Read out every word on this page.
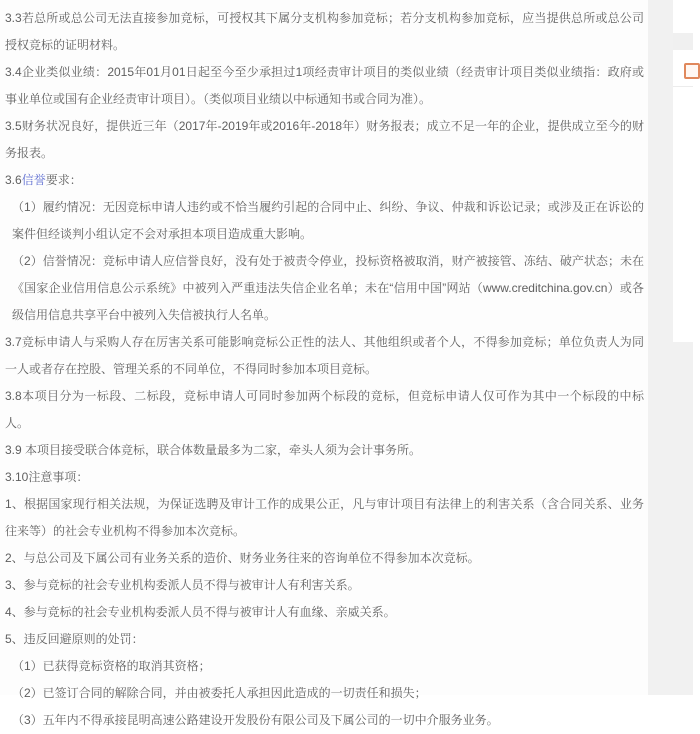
3.3若总所或总公司无法直接参加竞标，可授权其下属分支机构参加竞标；若分支机构参加竞标，应当提供总所或总公司授权竞标的证明材料。

3.4企业类似业绩：2015年01月01日起至今至少承担过1项经责审计项目的类似业绩（经责审计项目类似业绩指：政府或事业单位或国有企业经责审计项目）。（类似项目业绩以中标通知书或合同为准）。

3.5财务状况良好，提供近三年（2017年-2019年或2016年-2018年）财务报表；成立不足一年的企业，提供成立至今的财务报表。

3.6信誉要求：

（1）履约情况：无因竞标申请人违约或不恰当履约引起的合同中止、纠纷、争议、仲裁和诉讼记录；或涉及正在诉讼的案件但经谈判小组认定不会对承担本项目造成重大影响。

（2）信誉情况：竞标申请人应信誉良好，没有处于被责令停业，投标资格被取消，财产被接管、冻结、破产状态；未在《国家企业信用信息公示系统》中被列入严重违法失信企业名单；未在“信用中国”网站（www.creditchina.gov.cn）或各级信用信息共享平台中被列入失信被执行人名单。

3.7竞标申请人与采购人存在厉害关系可能影响竞标公正性的法人、其他组织或者个人，不得参加竞标；单位负责人为同一人或者存在控股、管理关系的不同单位，不得同时参加本项目竞标。

3.8本项目分为一标段、二标段，竞标申请人可同时参加两个标段的竞标，但竞标申请人仅可作为其中一个标段的中标人。

3.9 本项目接受联合体竞标，联合体数量最多为二家，牵头人须为会计事务所。

3.10注意事项：

1、根据国家现行相关法规，为保证选聘及审计工作的成果公正，凡与审计项目有法律上的利害关系（含合同关系、业务往来等）的社会专业机构不得参加本次竞标。

2、与总公司及下属公司有业务关系的造价、财务业务往来的咨询单位不得参加本次竞标。

3、参与竞标的社会专业机构委派人员不得与被审计人有利害关系。

4、参与竞标的社会专业机构委派人员不得与被审计人有血缘、亲威关系。

5、违反回避原则的处罚：

（1）已获得竞标资格的取消其资格；

（2）已签订合同的解除合同，并由被委托人承担因此造成的一切责任和损失；

（3）五年内不得承接昆明高速公路建设开发股份有限公司及下属公司的一切中介服务业务。
